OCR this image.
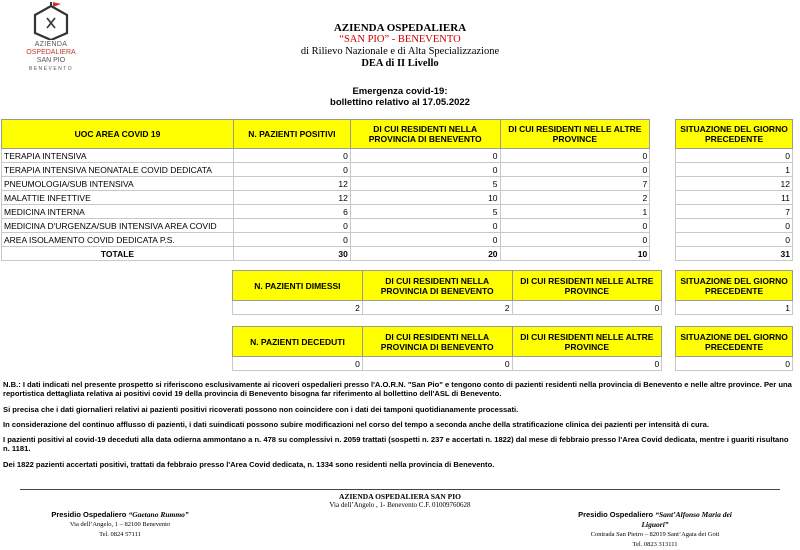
AZIENDA
OSPEDALIERA
SAN PIO
BENEVENTO
AZIENDA OSPEDALIERA
“SAN PIO” - BENEVENTO
di Rilievo Nazionale e di Alta Specializzazione
DEA di II Livello
Emergenza covid-19:
bollettino relativo al 17.05.2022
UOC AREA COVID 19	N. PAZIENTI POSITIVI	DI CUI RESIDENTI NELLA PROVINCIA DI BENEVENTO	DI CUI RESIDENTI NELLE ALTRE PROVINCE		SITUAZIONE DEL GIORNO PRECEDENTE
TERAPIA INTENSIVA	0	0	0		0
TERAPIA INTENSIVA NEONATALE COVID DEDICATA	0	0	0		1
PNEUMOLOGIA/SUB INTENSIVA	12	5	7		12
MALATTIE INFETTIVE	12	10	2		11
MEDICINA INTERNA	6	5	1		7
MEDICINA D'URGENZA/SUB INTENSIVA AREA COVID	0	0	0		0
AREA ISOLAMENTO COVID DEDICATA P.S.	0	0	0		0
TOTALE	30	20	10		31
N. PAZIENTI DIMESSI	DI CUI RESIDENTI NELLA PROVINCIA DI BENEVENTO	DI CUI RESIDENTI NELLE ALTRE PROVINCE		SITUAZIONE DEL GIORNO PRECEDENTE
2	2	0		1
N. PAZIENTI DECEDUTI	DI CUI RESIDENTI NELLA PROVINCIA DI BENEVENTO	DI CUI RESIDENTI NELLE ALTRE PROVINCE		SITUAZIONE DEL GIORNO PRECEDENTE
0	0	0		0

N.B.: I dati indicati nel presente prospetto si riferiscono esclusivamente ai ricoveri ospedalieri presso l'A.O.R.N. "San Pio" e tengono conto di pazienti residenti nella provincia di Benevento e nelle altre province. Per una reportistica dettagliata relativa ai positivi covid 19 della provincia di Benevento bisogna far riferimento al bollettino dell'ASL di Benevento.

Si precisa che i dati giornalieri relativi ai pazienti positivi ricoverati possono non coincidere con i dati dei tamponi quotidianamente processati.

In considerazione del continuo afflusso di pazienti, i dati suindicati possono subire modificazioni nel corso del tempo a seconda anche della stratificazione clinica dei pazienti per intensità di cura.

I pazienti positivi al covid-19 deceduti alla data odierna ammontano a n. 478 su complessivi n. 2059 trattati (sospetti n. 237 e accertati n. 1822) dal mese di febbraio presso l'Area Covid dedicata, mentre i guariti risultano n. 1181.

Dei 1822 pazienti accertati positivi, trattati da febbraio presso l'Area Covid dedicata, n. 1334 sono residenti nella provincia di Benevento.

AZIENDA OSPEDALIERA SAN PIO
Via dell’Angelo , 1- Benevento C.F. 01009760628
Presidio Ospedaliero “Gaetano Rummo”
Via dell’Angelo, 1 – 82100 Benevento
Tel. 0824 57111
Presidio Ospedaliero “Sant’Alfonso Maria dei Liguori”
Contrada San Pietro – 82019 Sant’Agata dei Goti
Tel. 0823 313111
